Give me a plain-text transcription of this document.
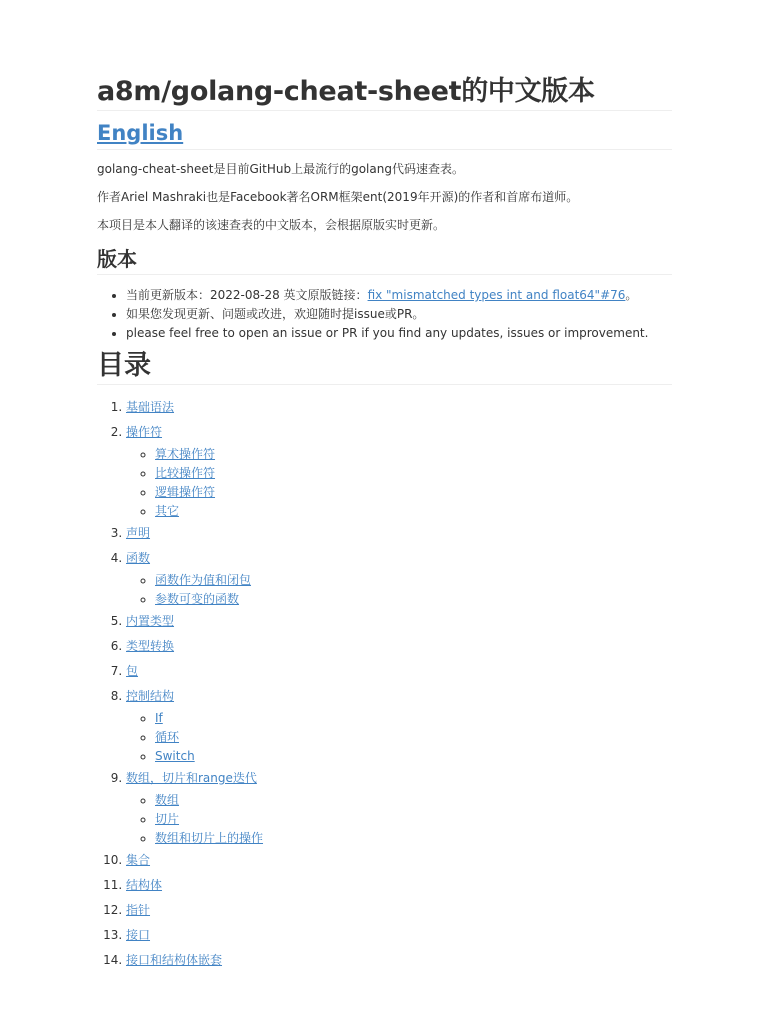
a8m/golang-cheat-sheet的中文版本
English

golang-cheat-sheet是目前GitHub上最流行的golang代码速查表。

作者Ariel Mashraki也是Facebook著名ORM框架ent(2019年开源)的作者和首席布道师。

本项目是本人翻译的该速查表的中文版本，会根据原版实时更新。

版本
• 当前更新版本：2022-08-28 英文原版链接：fix "mismatched types int and float64"#76。
• 如果您发现更新、问题或改进，欢迎随时提issue或PR。
• please feel free to open an issue or PR if you find any updates, issues or improvement.
目录
1. 基础语法
2. 操作符
◦ 算术操作符
◦ 比较操作符
◦ 逻辑操作符
◦ 其它
3. 声明
4. 函数
◦ 函数作为值和闭包
◦ 参数可变的函数
5. 内置类型
6. 类型转换
7. 包
8. 控制结构
◦ If
◦ 循环
◦ Switch
9. 数组，切片和range迭代
◦ 数组
◦ 切片
◦ 数组和切片上的操作
10. 集合
11. 结构体
12. 指针
13. 接口
14. 接口和结构体嵌套
